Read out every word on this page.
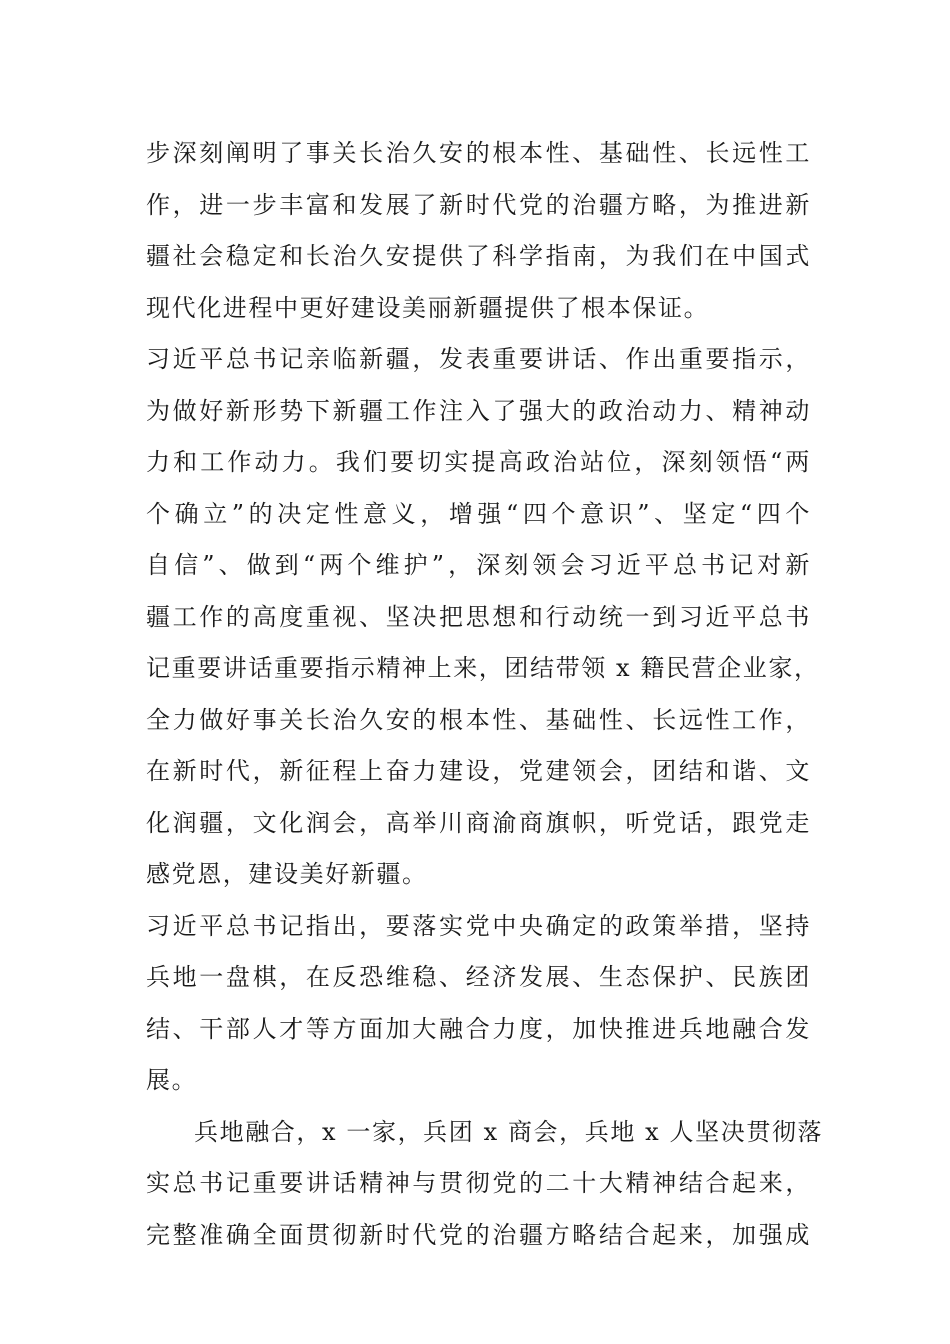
步深刻阐明了事关长治久安的根本性、基础性、长远性工
作，进一步丰富和发展了新时代党的治疆方略，为推进新
疆社会稳定和长治久安提供了科学指南，为我们在中国式
现代化进程中更好建设美丽新疆提供了根本保证。
习近平总书记亲临新疆，发表重要讲话、作出重要指示，
为做好新形势下新疆工作注入了强大的政治动力、精神动
力和工作动力。我们要切实提高政治站位，深刻领悟“两
个确立”的决定性意义，增强“四个意识”、坚定“四个
自信”、做到“两个维护”，深刻领会习近平总书记对新
疆工作的高度重视、坚决把思想和行动统一到习近平总书
记重要讲话重要指示精神上来，团结带领 x 籍民营企业家，
全力做好事关长治久安的根本性、基础性、长远性工作，
在新时代，新征程上奋力建设，党建领会，团结和谐、文
化润疆，文化润会，高举川商渝商旗帜，听党话，跟党走
感党恩，建设美好新疆。
习近平总书记指出，要落实党中央确定的政策举措，坚持
兵地一盘棋，在反恐维稳、经济发展、生态保护、民族团
结、干部人才等方面加大融合力度，加快推进兵地融合发
展。
兵地融合，x 一家，兵团 x 商会，兵地 x 人坚决贯彻落
实总书记重要讲话精神与贯彻党的二十大精神结合起来，
完整准确全面贯彻新时代党的治疆方略结合起来，加强成
